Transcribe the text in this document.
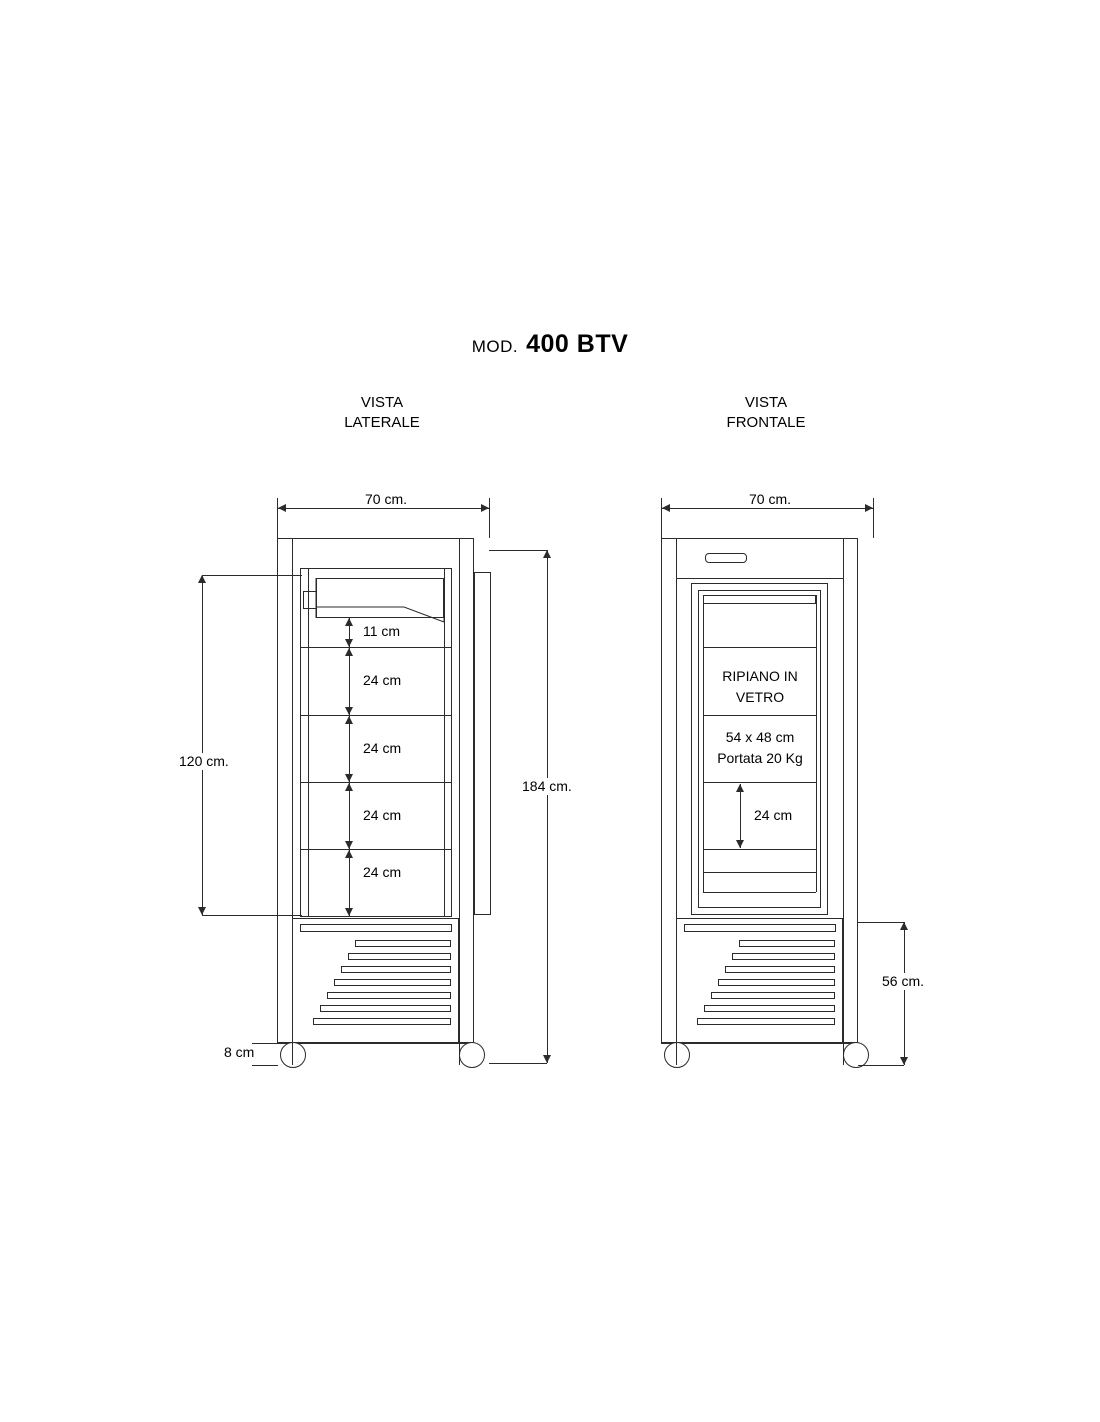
MOD. 400 BTV
VISTA
LATERALE
VISTA
FRONTALE
70 cm.
120 cm.
184 cm.
8 cm
11 cm
24 cm
24 cm
24 cm
24 cm
70 cm.
RIPIANO IN
VETRO
54 x 48 cm
Portata 20 Kg
24 cm
56 cm.
